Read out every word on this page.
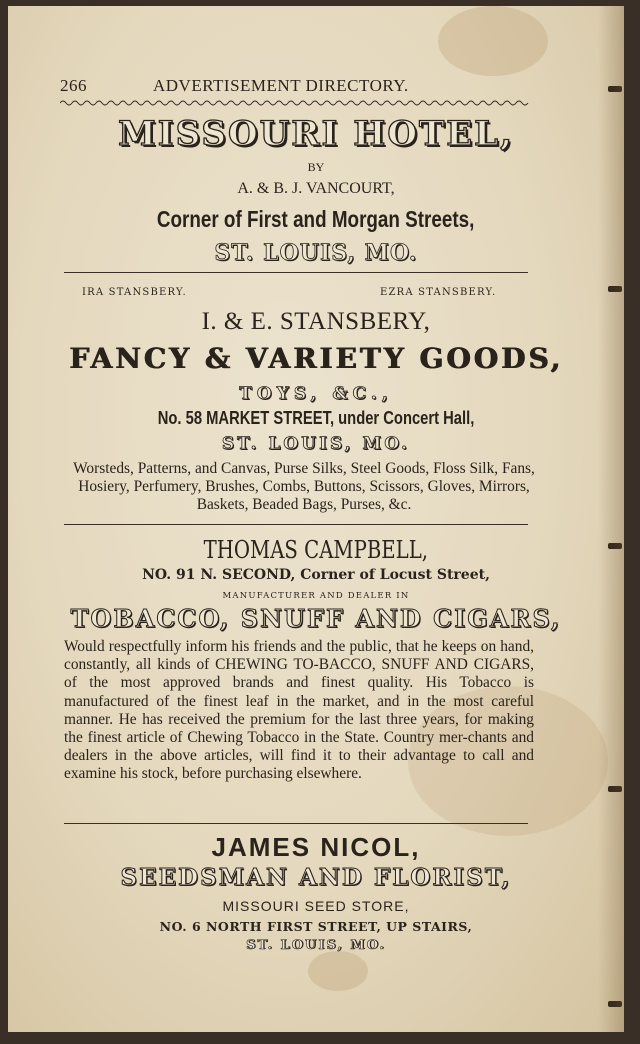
266	ADVERTISEMENT DIRECTORY.
MISSOURI HOTEL,
BY
A. & B. J. VANCOURT,
Corner of First and Morgan Streets,
ST. LOUIS, MO.
IRA STANSBERY.	EZRA STANSBERY.
I. & E. STANSBERY,
FANCY & VARIETY GOODS,
TOYS, &C.,
No. 58 MARKET STREET, under Concert Hall,
ST. LOUIS, MO.
Worsteds, Patterns, and Canvas, Purse Silks, Steel Goods, Floss Silk, Fans, Hosiery, Perfumery, Brushes, Combs, Buttons, Scissors, Gloves, Mirrors, Baskets, Beaded Bags, Purses, &c.
THOMAS CAMPBELL,
NO. 91 N. SECOND, Corner of Locust Street,
MANUFACTURER AND DEALER IN
TOBACCO, SNUFF AND CIGARS,
Would respectfully inform his friends and the public, that he keeps on hand, constantly, all kinds of CHEWING TO-BACCO, SNUFF AND CIGARS, of the most approved brands and finest quality. His Tobacco is manufactured of the finest leaf in the market, and in the most careful manner. He has received the premium for the last three years, for making the finest article of Chewing Tobacco in the State. Country mer-chants and dealers in the above articles, will find it to their advantage to call and examine his stock, before purchasing elsewhere.
JAMES NICOL,
SEEDSMAN AND FLORIST,
MISSOURI SEED STORE,
NO. 6 NORTH FIRST STREET, UP STAIRS,
ST. LOUIS, MO.
